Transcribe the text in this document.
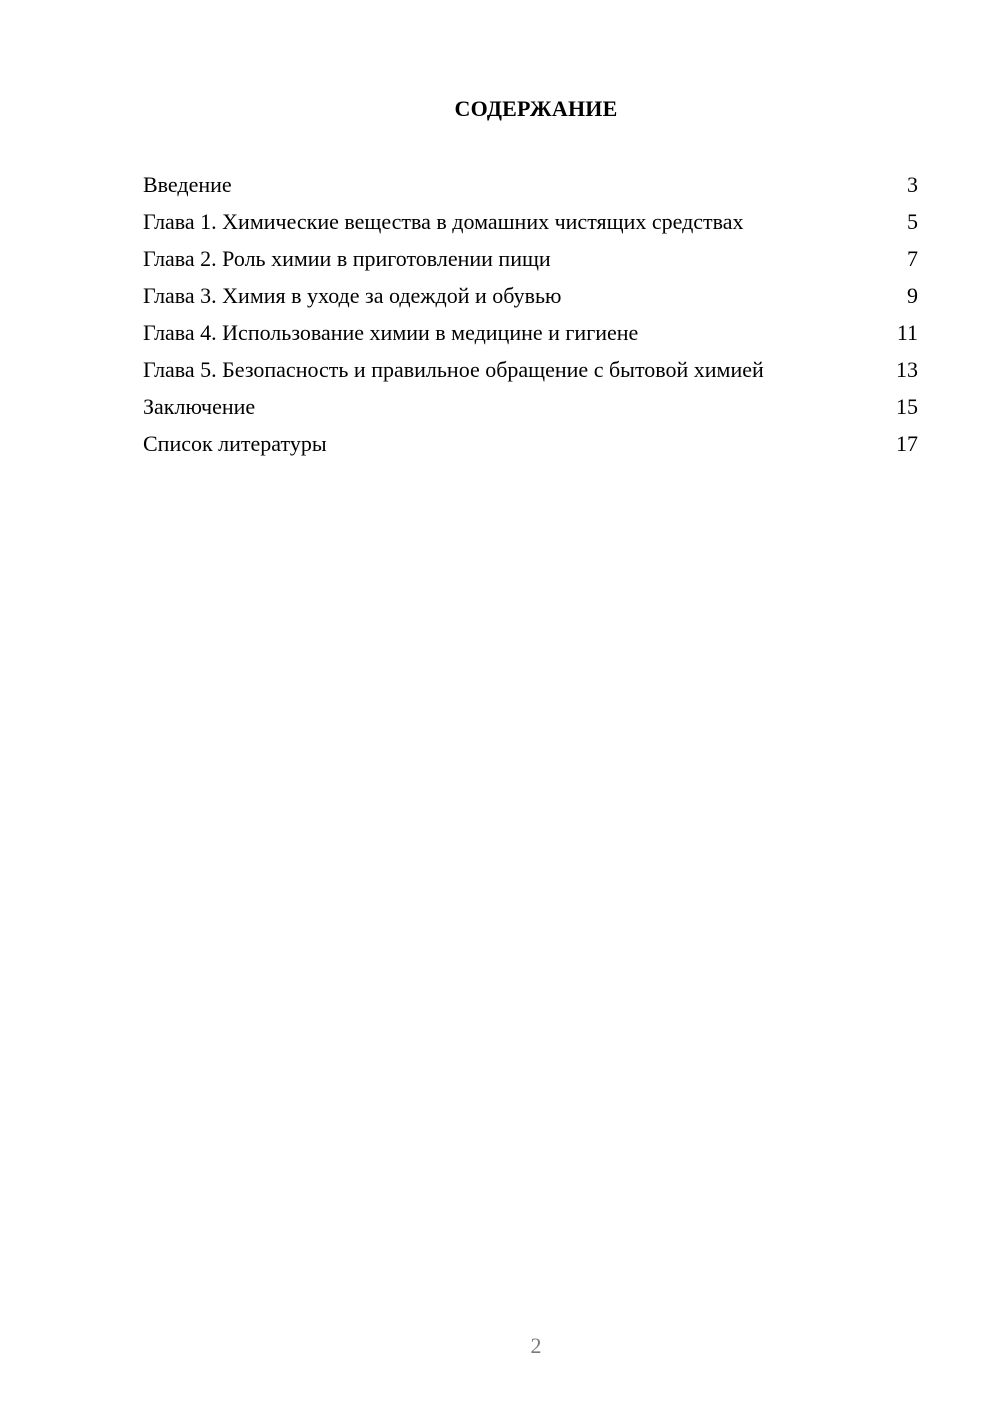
СОДЕРЖАНИЕ
Введение	3
Глава 1. Химические вещества в домашних чистящих средствах	5
Глава 2. Роль химии в приготовлении пищи	7
Глава 3. Химия в уходе за одеждой и обувью	9
Глава 4. Использование химии в медицине и гигиене	11
Глава 5. Безопасность и правильное обращение с бытовой химией	13
Заключение	15
Список литературы	17
2
